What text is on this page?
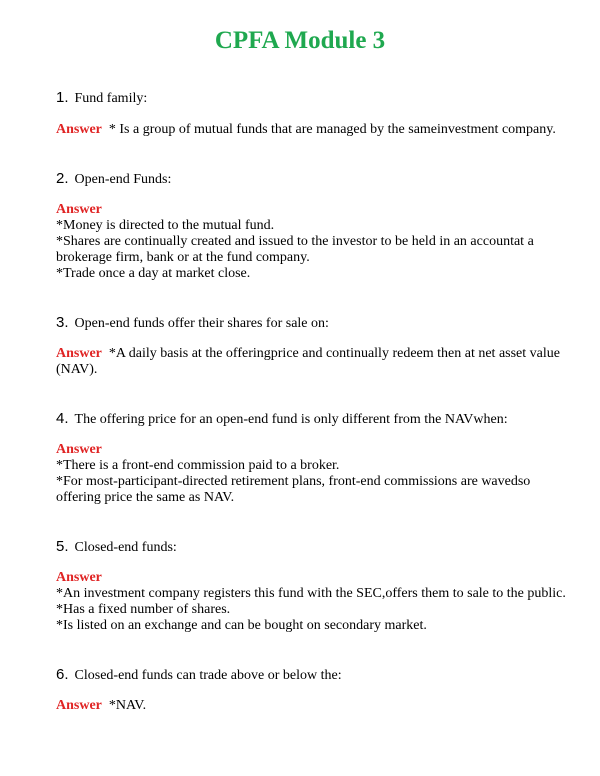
CPFA Module 3
1. Fund family:
Answer * Is a group of mutual funds that are managed by the sameinvestment company.
2. Open-end Funds:
Answer
*Money is directed to the mutual fund.
*Shares are continually created and issued to the investor to be held in an accountat a brokerage firm, bank or at the fund company.
*Trade once a day at market close.
3. Open-end funds offer their shares for sale on:
Answer *A daily basis at the offeringprice and continually redeem then at net asset value (NAV).
4. The offering price for an open-end fund is only different from the NAVwhen:
Answer
*There is a front-end commission paid to a broker.
*For most-participant-directed retirement plans, front-end commissions are wavedso offering price the same as NAV.
5. Closed-end funds:
Answer
*An investment company registers this fund with the SEC,offers them to sale to the public.
*Has a fixed number of shares.
*Is listed on an exchange and can be bought on secondary market.
6. Closed-end funds can trade above or below the:
Answer *NAV.
